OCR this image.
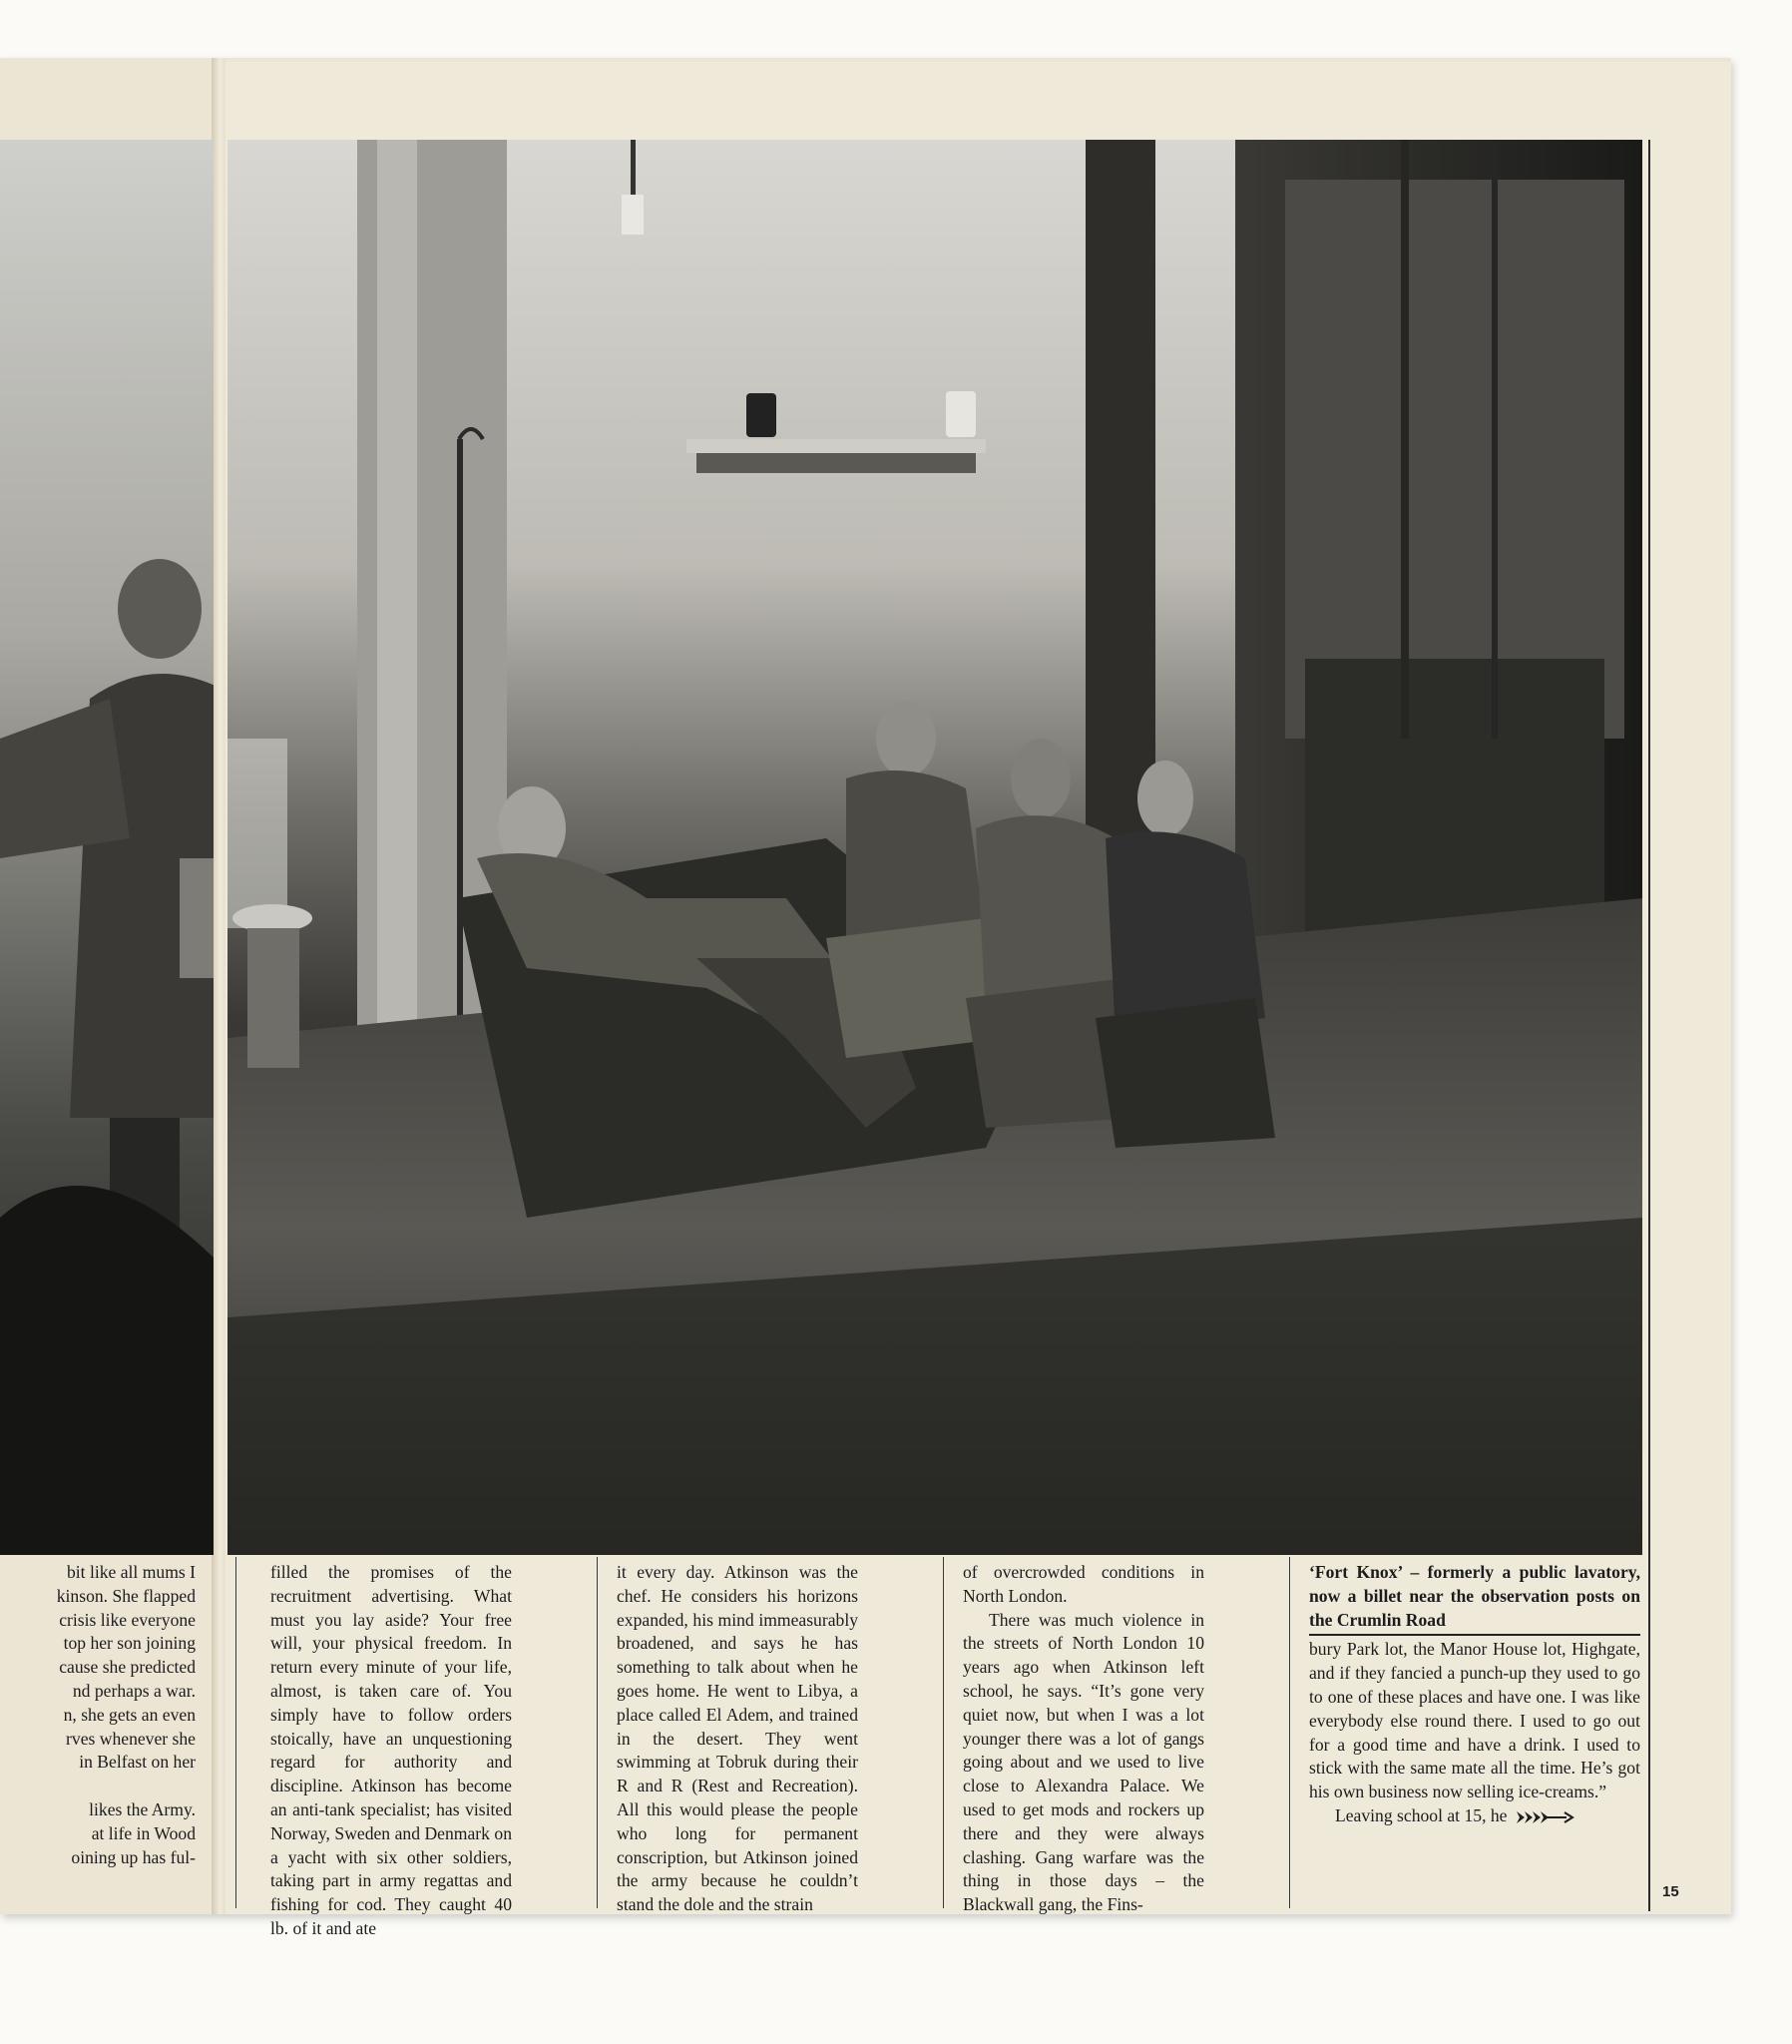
bit like all mums I

kinson. She flapped

crisis like everyone

top her son joining

cause she predicted

nd perhaps a war.

n, she gets an even

rves whenever she

in Belfast on her

likes the Army.

at life in Wood

oining up has ful-

filled the promises of the recruitment advertising. What must you lay aside? Your free will, your physical freedom. In return every minute of your life, almost, is taken care of. You simply have to follow orders stoically, have an unquestioning regard for authority and discipline. Atkinson has become an anti-tank specialist; has visited Norway, Sweden and Denmark on a yacht with six other soldiers, taking part in army regattas and fishing for cod. They caught 40 lb. of it and ate

it every day. Atkinson was the chef. He considers his horizons expanded, his mind immeasurably broadened, and says he has something to talk about when he goes home. He went to Libya, a place called El Adem, and trained in the desert. They went swimming at Tobruk during their R and R (Rest and Recreation). All this would please the people who long for permanent conscription, but Atkinson joined the army because he couldn’t stand the dole and the strain

of overcrowded conditions in North London.

There was much violence in the streets of North London 10 years ago when Atkinson left school, he says. “It’s gone very quiet now, but when I was a lot younger there was a lot of gangs going about and we used to live close to Alexandra Palace. We used to get mods and rockers up there and they were always clashing. Gang warfare was the thing in those days – the Blackwall gang, the Fins-

‘Fort Knox’ – formerly a public lavatory, now a billet near the observation posts on the Crumlin Road

bury Park lot, the Manor House lot, Highgate, and if they fancied a punch-up they used to go to one of these places and have one. I was like everybody else round there. I used to go out for a good time and have a drink. I used to stick with the same mate all the time. He’s got his own business now selling ice-creams.”

Leaving school at 15, he

15
